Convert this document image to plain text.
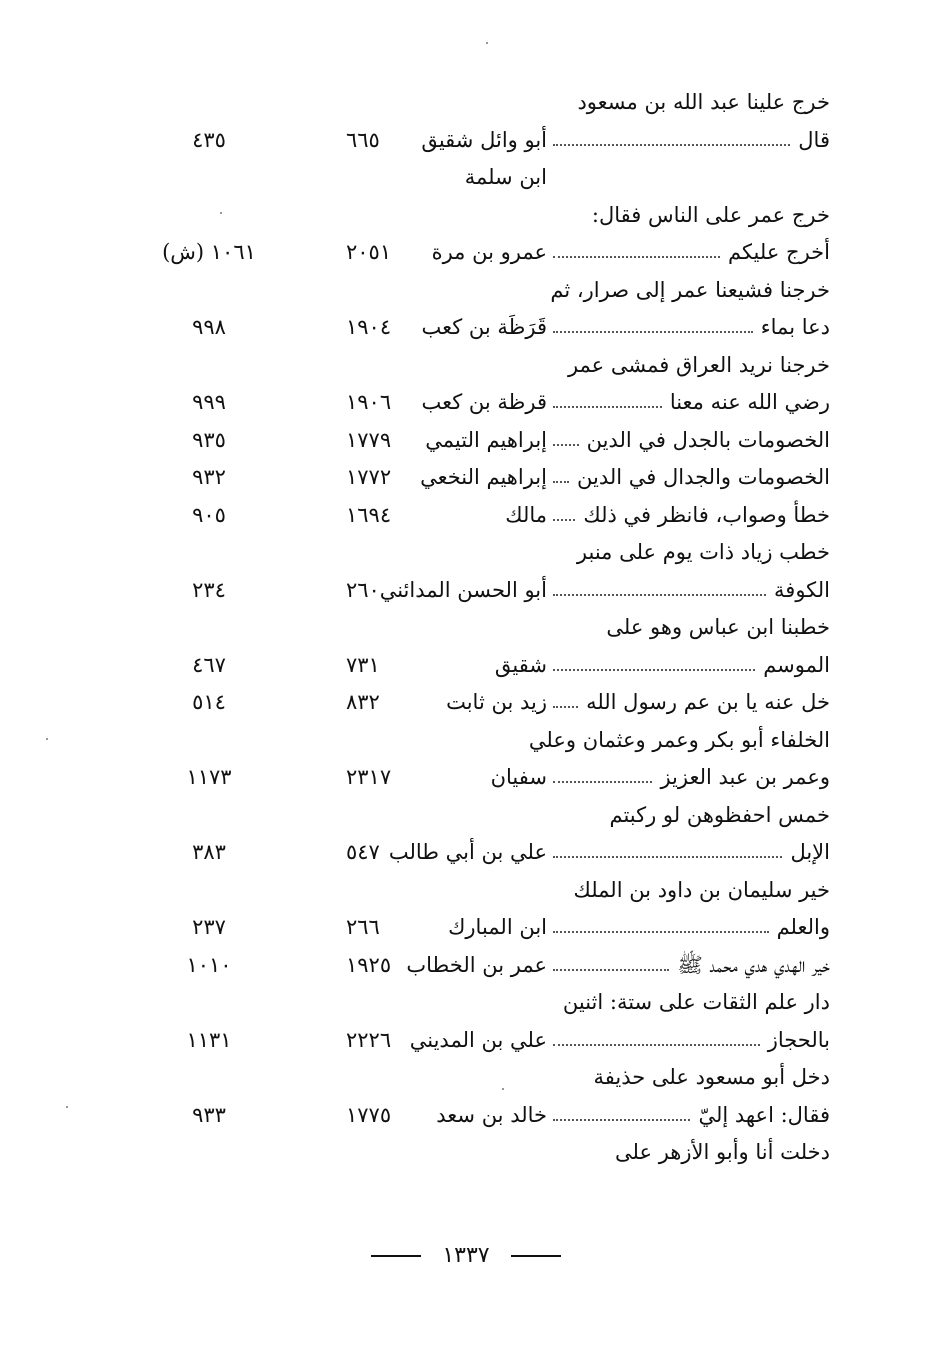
خرج علينا عبد الله بن مسعود
قال
أبو وائل شقيق
٦٦٥
٤٣٥
ابن سلمة
خرج عمر على الناس فقال:
أخرج عليكم
عمرو بن مرة
٢٠٥١
١٠٦١ (ش)
خرجنا فشيعنا عمر إلى صرار، ثم
دعا بماء
قَرَظَة بن كعب
١٩٠٤
٩٩٨
خرجنا نريد العراق فمشى عمر
رضي الله عنه معنا
قرظة بن كعب
١٩٠٦
٩٩٩
الخصومات بالجدل في الدين
إبراهيم التيمي
١٧٧٩
٩٣٥
الخصومات والجدال في الدين
إبراهيم النخعي
١٧٧٢
٩٣٢
خطأ وصواب، فانظر في ذلك
مالك
١٦٩٤
٩٠٥
خطب زياد ذات يوم على منبر
الكوفة
أبو الحسن المدائني
٢٦٠
٢٣٤
خطبنا ابن عباس وهو على
الموسم
شقيق
٧٣١
٤٦٧
خل عنه يا بن عم رسول الله
زيد بن ثابت
٨٣٢
٥١٤
الخلفاء أبو بكر وعمر وعثمان وعلي
وعمر بن عبد العزيز
سفيان
٢٣١٧
١١٧٣
خمس احفظوهن لو ركبتم
الإبل
علي بن أبي طالب
٥٤٧
٣٨٣
خير سليمان بن داود بن الملك
والعلم
ابن المبارك
٢٦٦
٢٣٧
خير الهدي هدي محمد ﷺ
عمر بن الخطاب
١٩٢٥
١٠١٠
دار علم الثقات على ستة: اثنين
بالحجاز
علي بن المديني
٢٢٢٦
١١٣١
دخل أبو مسعود على حذيفة
فقال: اعهد إليّ
خالد بن سعد
١٧٧٥
٩٣٣
دخلت أنا وأبو الأزهر على
١٣٣٧
